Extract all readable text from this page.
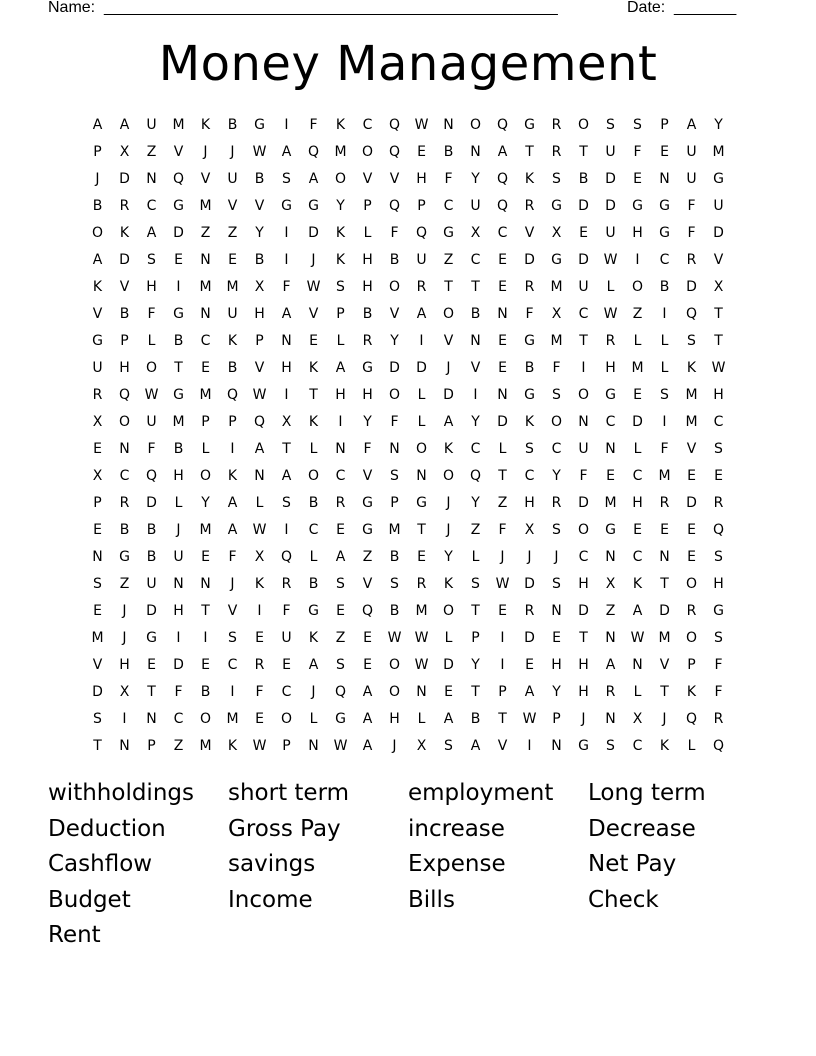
Name: ___________________________________________________	Date: _______
Money Management
A	A	U	M	K	B	G	I	F	K	C	Q	W	N	O	Q	G	R	O	S	S	P	A	Y
P	X	Z	V	J	J	W	A	Q	M	O	Q	E	B	N	A	T	R	T	U	F	E	U	M
J	D	N	Q	V	U	B	S	A	O	V	V	H	F	Y	Q	K	S	B	D	E	N	U	G
B	R	C	G	M	V	V	G	G	Y	P	Q	P	C	U	Q	R	G	D	D	G	G	F	U
O	K	A	D	Z	Z	Y	I	D	K	L	F	Q	G	X	C	V	X	E	U	H	G	F	D
A	D	S	E	N	E	B	I	J	K	H	B	U	Z	C	E	D	G	D	W	I	C	R	V
K	V	H	I	M	M	X	F	W	S	H	O	R	T	T	E	R	M	U	L	O	B	D	X
V	B	F	G	N	U	H	A	V	P	B	V	A	O	B	N	F	X	C	W	Z	I	Q	T
G	P	L	B	C	K	P	N	E	L	R	Y	I	V	N	E	G	M	T	R	L	L	S	T
U	H	O	T	E	B	V	H	K	A	G	D	D	J	V	E	B	F	I	H	M	L	K	W
R	Q	W	G	M	Q	W	I	T	H	H	O	L	D	I	N	G	S	O	G	E	S	M	H
X	O	U	M	P	P	Q	X	K	I	Y	F	L	A	Y	D	K	O	N	C	D	I	M	C
E	N	F	B	L	I	A	T	L	N	F	N	O	K	C	L	S	C	U	N	L	F	V	S
X	C	Q	H	O	K	N	A	O	C	V	S	N	O	Q	T	C	Y	F	E	C	M	E	E
P	R	D	L	Y	A	L	S	B	R	G	P	G	J	Y	Z	H	R	D	M	H	R	D	R
E	B	B	J	M	A	W	I	C	E	G	M	T	J	Z	F	X	S	O	G	E	E	E	Q
N	G	B	U	E	F	X	Q	L	A	Z	B	E	Y	L	J	J	J	C	N	C	N	E	S
S	Z	U	N	N	J	K	R	B	S	V	S	R	K	S	W	D	S	H	X	K	T	O	H
E	J	D	H	T	V	I	F	G	E	Q	B	M	O	T	E	R	N	D	Z	A	D	R	G
M	J	G	I	I	S	E	U	K	Z	E	W W	L	P	I	D	E	T	N	W	M	O	S
V	H	E	D	E	C	R	E	A	S	E	O	W	D	Y	I	E	H	H	A	N	V	P	F
D	X	T	F	B	I	F	C	J	Q	A	O	N	E	T	P	A	Y	H	R	L	T	K	F
S	I	N	C	O	M	E	O	L	G	A	H	L	A	B	T	W	P	J	N	X	J	Q	R
T	N	P	Z	M	K	W	P	N	W	A	J	X	S	A	V	I	N	G	S	C	K	L	Q
withholdings	short term	employment	Long term
Deduction	Gross Pay	increase	Decrease
Cashflow	savings	Expense	Net Pay
Budget	Income	Bills	Check
Rent
